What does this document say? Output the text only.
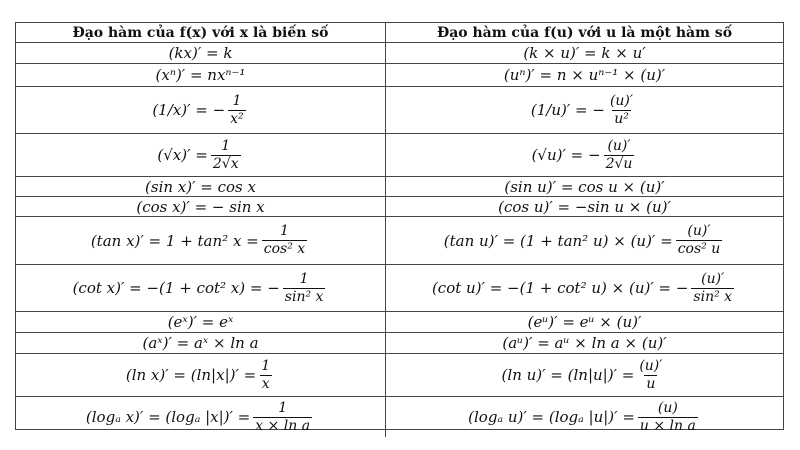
Đạo hàm của f(x) với x là biến số	Đạo hàm của f(u) với u là một hàm số
(kx)′ = k	(k × u)′ = k × u′
(xⁿ)′ = nxⁿ⁻¹	(uⁿ)′ = n × uⁿ⁻¹ × (u)′
(1/x)′ = − $\frac{1}{\text{x²}}$	(1/u)′ = − $\frac{(u)'}{\text{u²}}$
$(√x)' = \frac{1}{2√x}$	(√u)′ = − $\frac{(u)'}{2√u}$
(sin x)′ = cos x	(sin u)′ = cos u × (u)′
(cos x)′ = − sin x	(cos u)′ = −sin u × (u)′
(tan x)′ = 1 + tan² $x = \frac{1}{\text{cos² x}}$	(tan u)′ = (1 + tan² $u) \times (u)' = \frac{(u)'}{\text{cos² u}}$
(cot x)′ = −(1 + cot² x) = − $\frac{1}{\text{sin² x}}$	(cot u)′ = −(1 + cot² u) × (u)′ = − $\frac{(u)'}{\text{sin² x}}$
(eˣ)′ = eˣ	(eᵘ)′ = eᵘ × (u)′
(aˣ)′ = aˣ × ln a	(aᵘ)′ = aᵘ × ln a × (u)′
(ln $x)' = (\ln|x|)' = \frac{1}{x}$	(ln $u)' = (\ln|u|)' = \frac{(u)'}{u}$
(logₐ x)′ = (logₐ $|x|)' = \frac{1}{\text{x × ln a}}$	(logₐ u)′ = (logₐ $|u|)' = \frac{(u)}{\text{u × ln a}}$
